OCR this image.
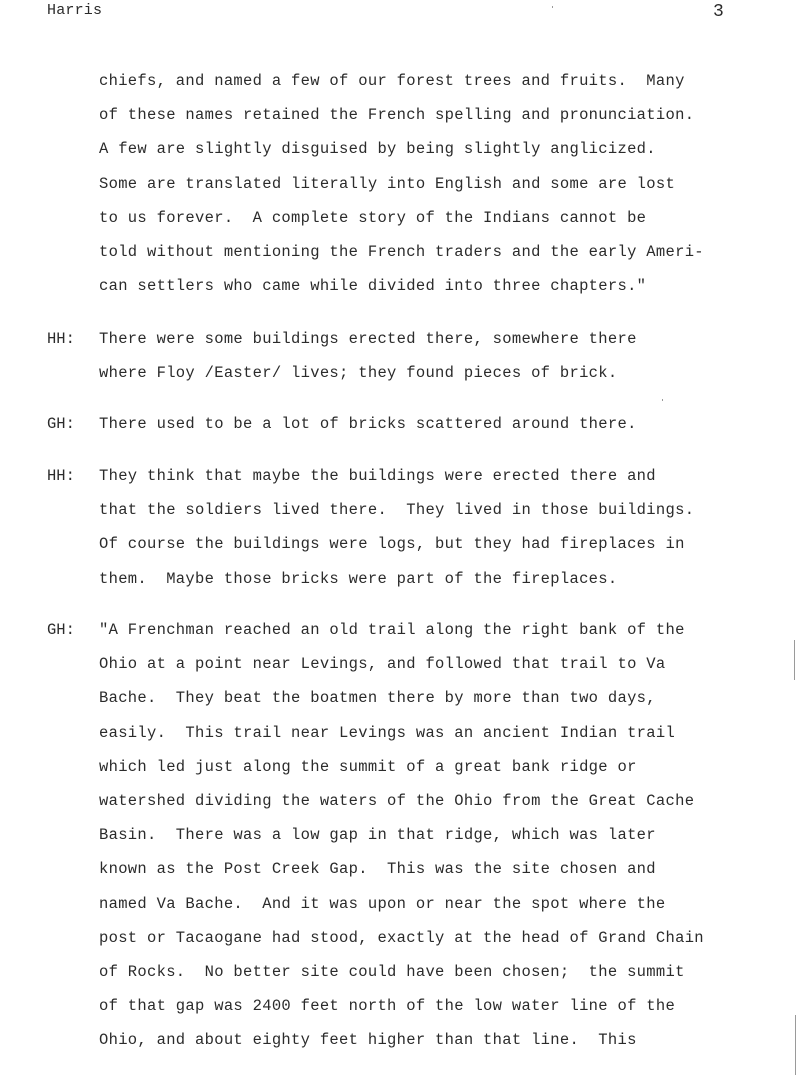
Harris	3
chiefs, and named a few of our forest trees and fruits.  Many
of these names retained the French spelling and pronunciation.
A few are slightly disguised by being slightly anglicized.
Some are translated literally into English and some are lost
to us forever.  A complete story of the Indians cannot be
told without mentioning the French traders and the early Ameri-
can settlers who came while divided into three chapters."
HH: There were some buildings erected there, somewhere there
where Floy /Easter/ lives; they found pieces of brick.
GH: There used to be a lot of bricks scattered around there.
HH: They think that maybe the buildings were erected there and
that the soldiers lived there.  They lived in those buildings.
Of course the buildings were logs, but they had fireplaces in
them.  Maybe those bricks were part of the fireplaces.
GH: "A Frenchman reached an old trail along the right bank of the
Ohio at a point near Levings, and followed that trail to Va
Bache.  They beat the boatmen there by more than two days,
easily.  This trail near Levings was an ancient Indian trail
which led just along the summit of a great bank ridge or
watershed dividing the waters of the Ohio from the Great Cache
Basin.  There was a low gap in that ridge, which was later
known as the Post Creek Gap.  This was the site chosen and
named Va Bache.  And it was upon or near the spot where the
post or Tacaogane had stood, exactly at the head of Grand Chain
of Rocks.  No better site could have been chosen;  the summit
of that gap was 2400 feet north of the low water line of the
Ohio, and about eighty feet higher than that line.  This
